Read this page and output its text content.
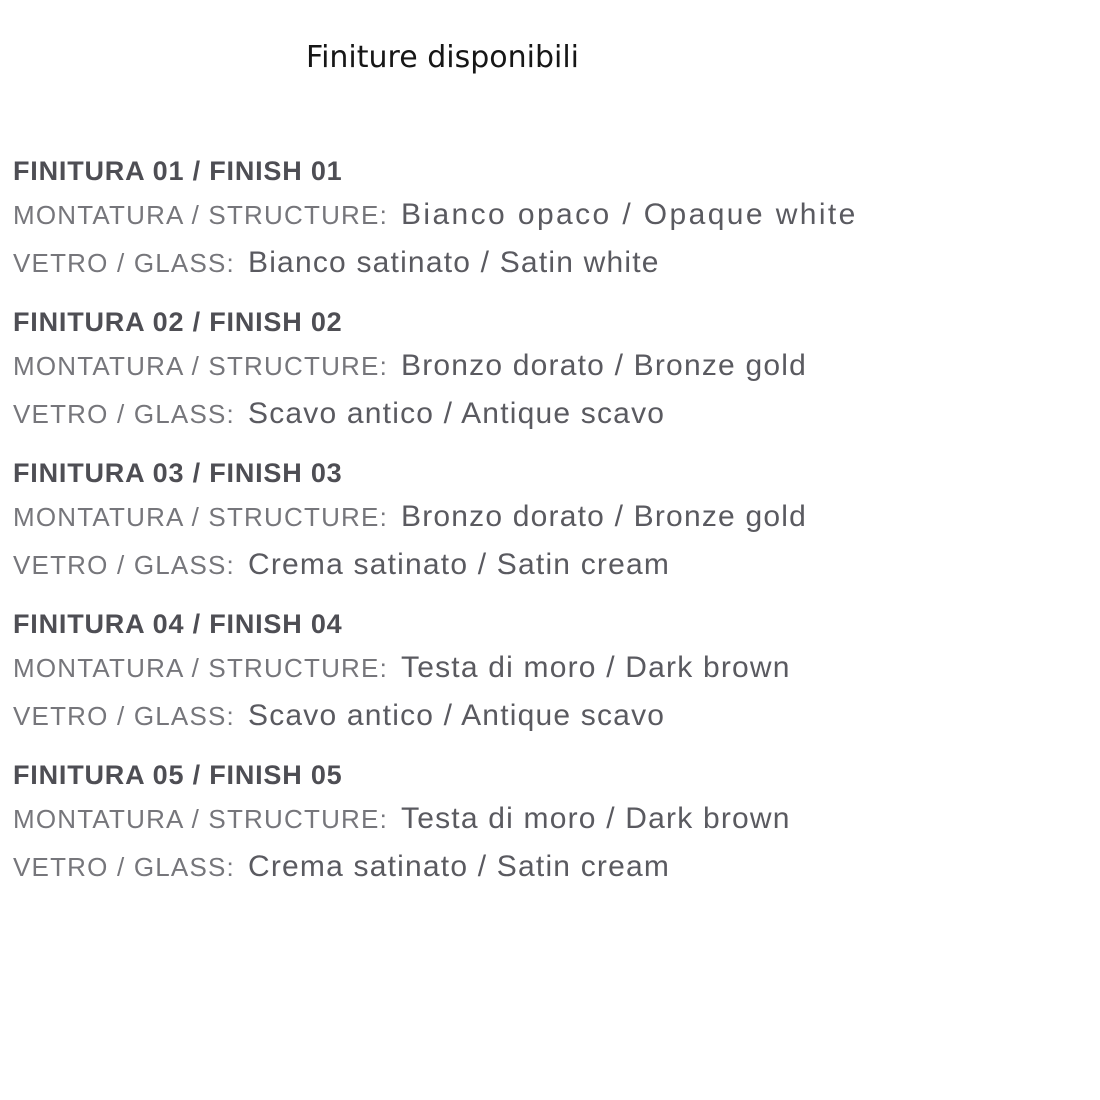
Finiture disponibili
FINITURA 01 / FINISH 01
MONTATURA / STRUCTURE: Bianco opaco / Opaque white
VETRO / GLASS: Bianco satinato / Satin white
FINITURA 02 / FINISH 02
MONTATURA / STRUCTURE: Bronzo dorato / Bronze gold
VETRO / GLASS: Scavo antico / Antique scavo
FINITURA 03 / FINISH 03
MONTATURA / STRUCTURE: Bronzo dorato / Bronze gold
VETRO / GLASS: Crema satinato / Satin cream
FINITURA 04 / FINISH 04
MONTATURA / STRUCTURE: Testa di moro / Dark brown
VETRO / GLASS: Scavo antico / Antique scavo
FINITURA 05 / FINISH 05
MONTATURA / STRUCTURE: Testa di moro / Dark brown
VETRO / GLASS: Crema satinato / Satin cream
